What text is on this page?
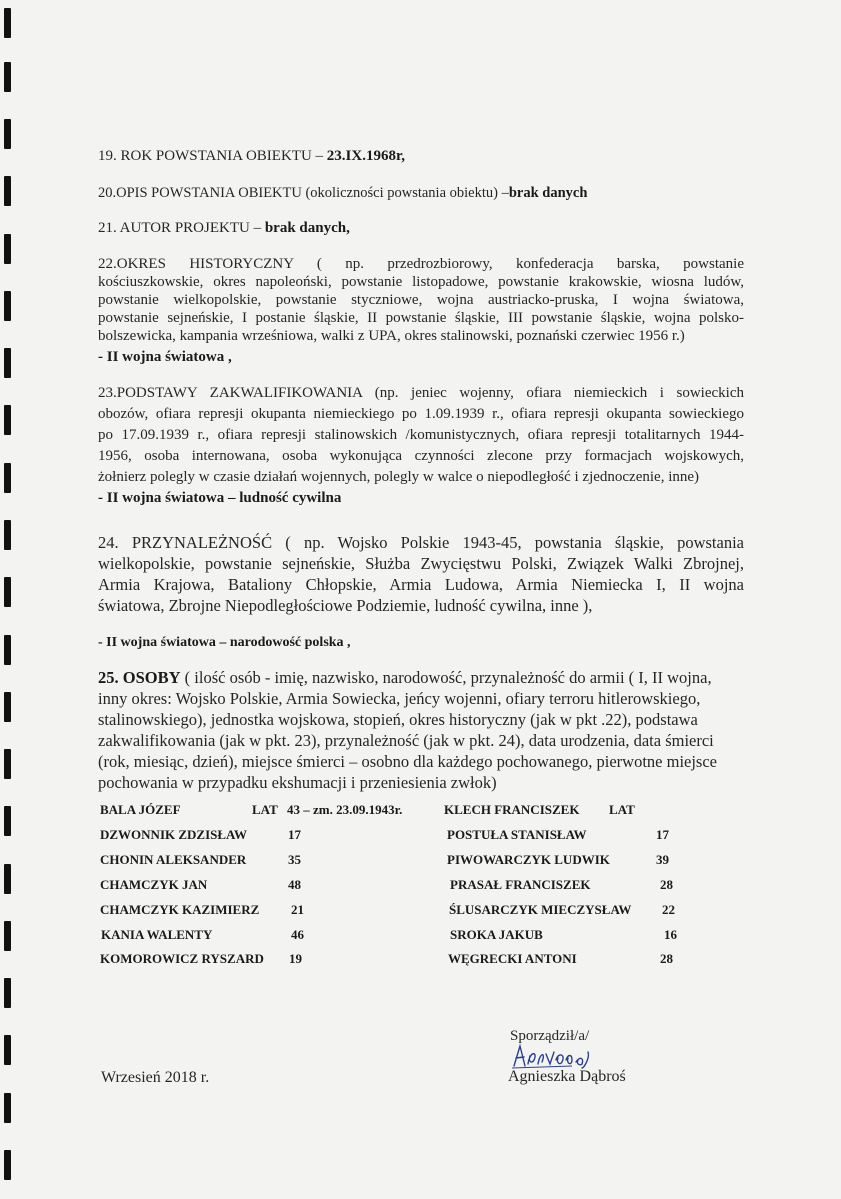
19. ROK POWSTANIA OBIEKTU – 23.IX.1968r,

20.OPIS POWSTANIA OBIEKTU (okoliczności powstania obiektu) –brak danych

21. AUTOR PROJEKTU – brak danych,

22.OKRES HISTORYCZNY ( np. przedrozbiorowy, konfederacja barska, powstanie

kościuszkowskie, okres napoleoński, powstanie listopadowe, powstanie krakowskie, wiosna ludów,

powstanie wielkopolskie, powstanie styczniowe, wojna austriacko-pruska, I wojna światowa,

powstanie sejneńskie, I postanie śląskie, II powstanie śląskie, III powstanie śląskie, wojna polsko-

bolszewicka, kampania wrześniowa, walki z UPA, okres stalinowski, poznański czerwiec 1956 r.)

- II wojna światowa ,

23.PODSTAWY ZAKWALIFIKOWANIA (np. jeniec wojenny, ofiara niemieckich i sowieckich

obozów, ofiara represji okupanta niemieckiego po 1.09.1939 r., ofiara represji okupanta sowieckiego

po 17.09.1939 r., ofiara represji stalinowskich /komunistycznych, ofiara represji totalitarnych 1944-

1956, osoba internowana, osoba wykonująca czynności zlecone przy formacjach wojskowych,

żołnierz polegly w czasie działań wojennych, polegly w walce o niepodległość i zjednoczenie, inne)

- II wojna światowa – ludność cywilna

24. PRZYNALEŻNOŚĆ ( np. Wojsko Polskie 1943-45, powstania śląskie, powstania

wielkopolskie, powstanie sejneńskie, Służba Zwycięstwu Polski, Związek Walki Zbrojnej,

Armia Krajowa, Bataliony Chłopskie, Armia Ludowa, Armia Niemiecka I, II wojna

światowa, Zbrojne Niepodległościowe Podziemie, ludność cywilna, inne ),

- II wojna światowa – narodowość polska ,

25. OSOBY ( ilość osób - imię, nazwisko, narodowość, przynależność do armii ( I, II wojna,

inny okres: Wojsko Polskie, Armia Sowiecka, jeńcy wojenni, ofiary terroru hitlerowskiego,

stalinowskiego), jednostka wojskowa, stopień, okres historyczny (jak w pkt .22), podstawa

zakwalifikowania (jak w pkt. 23), przynależność (jak w pkt. 24), data urodzenia, data śmierci

(rok, miesiąc, dzień), miejsce śmierci – osobno dla każdego pochowanego, pierwotne miejsce

pochowania w przypadku ekshumacji i przeniesienia zwłok)

BALA JÓZEF	LAT 43 – zm. 23.09.1943r.	KLECH FRANCISZEK LAT
DZWONNIK ZDZISŁAW	17	POSTUŁA STANISŁAW	17
CHONIN ALEKSANDER	35	PIWOWARCZYK LUDWIK	39
CHAMCZYK JAN	48	PRASAŁ FRANCISZEK	28
CHAMCZYK KAZIMIERZ 21	ŚLUSARCZYK MIECZYSŁAW 22
KANIA WALENTY	46	SROKA JAKUB	16
KOMOROWICZ RYSZARD 19	WĘGRECKI ANTONI	28
Wrzesień 2018 r.
Sporządził/a/
Agnieszka Dąbroś
